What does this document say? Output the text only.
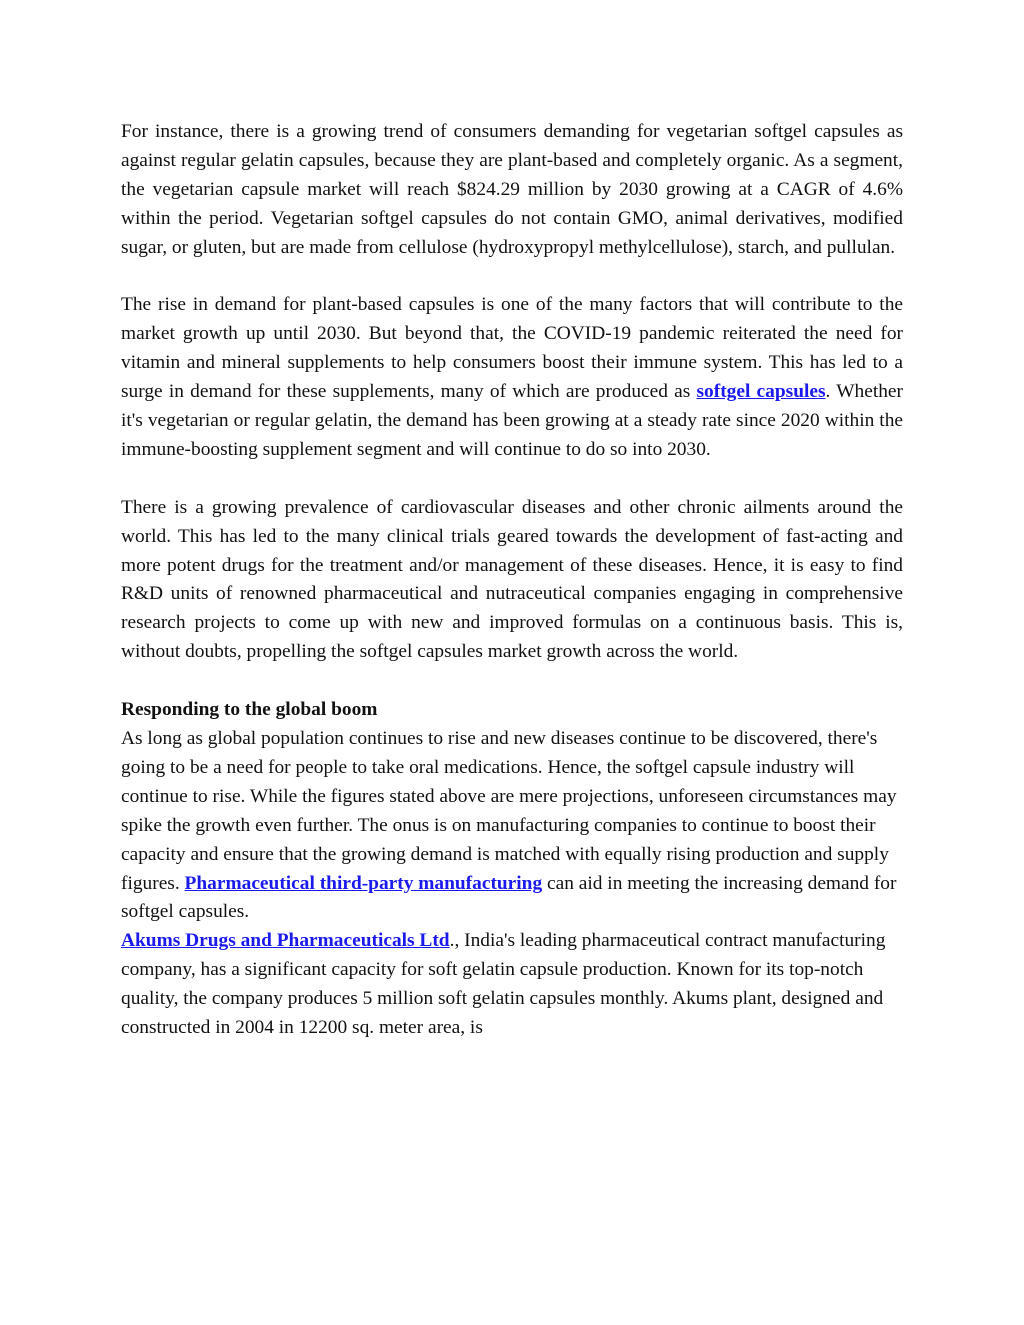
For instance, there is a growing trend of consumers demanding for vegetarian softgel capsules as against regular gelatin capsules, because they are plant-based and completely organic. As a segment, the vegetarian capsule market will reach $824.29 million by 2030 growing at a CAGR of 4.6% within the period. Vegetarian softgel capsules do not contain GMO, animal derivatives, modified sugar, or gluten, but are made from cellulose (hydroxypropyl methylcellulose), starch, and pullulan.

The rise in demand for plant-based capsules is one of the many factors that will contribute to the market growth up until 2030. But beyond that, the COVID-19 pandemic reiterated the need for vitamin and mineral supplements to help consumers boost their immune system. This has led to a surge in demand for these supplements, many of which are produced as softgel capsules. Whether it's vegetarian or regular gelatin, the demand has been growing at a steady rate since 2020 within the immune-boosting supplement segment and will continue to do so into 2030.

There is a growing prevalence of cardiovascular diseases and other chronic ailments around the world. This has led to the many clinical trials geared towards the development of fast-acting and more potent drugs for the treatment and/or management of these diseases. Hence, it is easy to find R&D units of renowned pharmaceutical and nutraceutical companies engaging in comprehensive research projects to come up with new and improved formulas on a continuous basis. This is, without doubts, propelling the softgel capsules market growth across the world.

Responding to the global boom

As long as global population continues to rise and new diseases continue to be discovered, there's going to be a need for people to take oral medications. Hence, the softgel capsule industry will continue to rise. While the figures stated above are mere projections, unforeseen circumstances may spike the growth even further. The onus is on manufacturing companies to continue to boost their capacity and ensure that the growing demand is matched with equally rising production and supply figures. Pharmaceutical third-party manufacturing can aid in meeting the increasing demand for softgel capsules.

Akums Drugs and Pharmaceuticals Ltd., India's leading pharmaceutical contract manufacturing company, has a significant capacity for soft gelatin capsule production. Known for its top-notch quality, the company produces 5 million soft gelatin capsules monthly. Akums plant, designed and constructed in 2004 in 12200 sq. meter area, is
